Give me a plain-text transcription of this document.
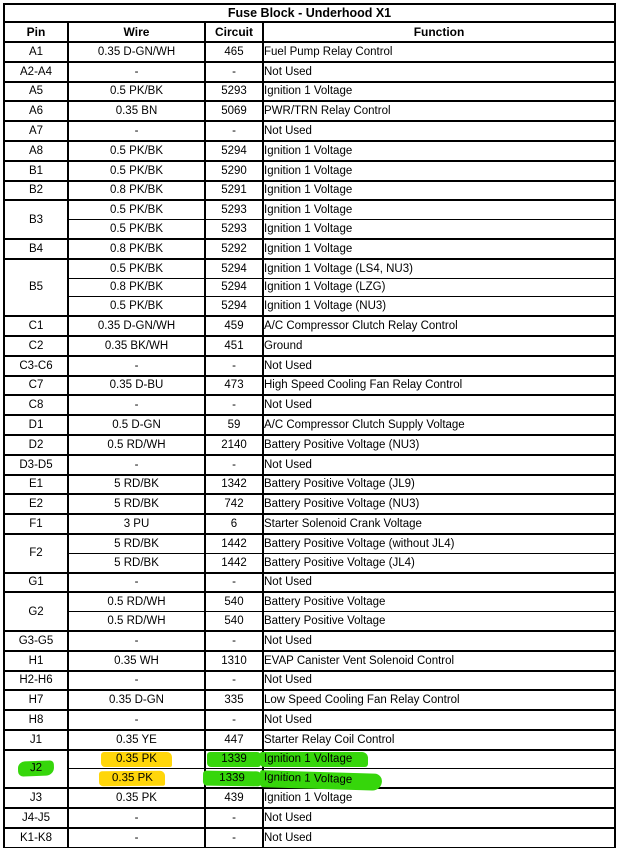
Fuse Block - Underhood X1			
Pin	Wire	Circuit	Function
A1	0.35 D-GN/WH	465	Fuel Pump Relay Control
A2-A4	-	-	Not Used
A5	0.5 PK/BK	5293	Ignition 1 Voltage
A6	0.35 BN	5069	PWR/TRN Relay Control
A7	-	-	Not Used
A8	0.5 PK/BK	5294	Ignition 1 Voltage
B1	0.5 PK/BK	5290	Ignition 1 Voltage
B2	0.8 PK/BK	5291	Ignition 1 Voltage
B3	0.5 PK/BK	5293	Ignition 1 Voltage
	0.5 PK/BK	5293	Ignition 1 Voltage
B4	0.8 PK/BK	5292	Ignition 1 Voltage
B5	0.5 PK/BK	5294	Ignition 1 Voltage (LS4, NU3)
	0.8 PK/BK	5294	Ignition 1 Voltage (LZG)
	0.5 PK/BK	5294	Ignition 1 Voltage (NU3)
C1	0.35 D-GN/WH	459	A/C Compressor Clutch Relay Control
C2	0.35 BK/WH	451	Ground
C3-C6	-	-	Not Used
C7	0.35 D-BU	473	High Speed Cooling Fan Relay Control
C8	-	-	Not Used
D1	0.5 D-GN	59	A/C Compressor Clutch Supply Voltage
D2	0.5 RD/WH	2140	Battery Positive Voltage (NU3)
D3-D5	-	-	Not Used
E1	5 RD/BK	1342	Battery Positive Voltage (JL9)
E2	5 RD/BK	742	Battery Positive Voltage (NU3)
F1	3 PU	6	Starter Solenoid Crank Voltage
F2	5 RD/BK	1442	Battery Positive Voltage (without JL4)
	5 RD/BK	1442	Battery Positive Voltage (JL4)
G1	-	-	Not Used
G2	0.5 RD/WH	540	Battery Positive Voltage
	0.5 RD/WH	540	Battery Positive Voltage
G3-G5	-	-	Not Used
H1	0.35 WH	1310	EVAP Canister Vent Solenoid Control
H2-H6	-	-	Not Used
H7	0.35 D-GN	335	Low Speed Cooling Fan Relay Control
H8	-	-	Not Used
J1	0.35 YE	447	Starter Relay Coil Control
J2	0.35 PK	1339	Ignition 1 Voltage
	0.35 PK	1339	Ignition 1 Voltage
J3	0.35 PK	439	Ignition 1 Voltage
J4-J5	-	-	Not Used
K1-K8	-	-	Not Used
